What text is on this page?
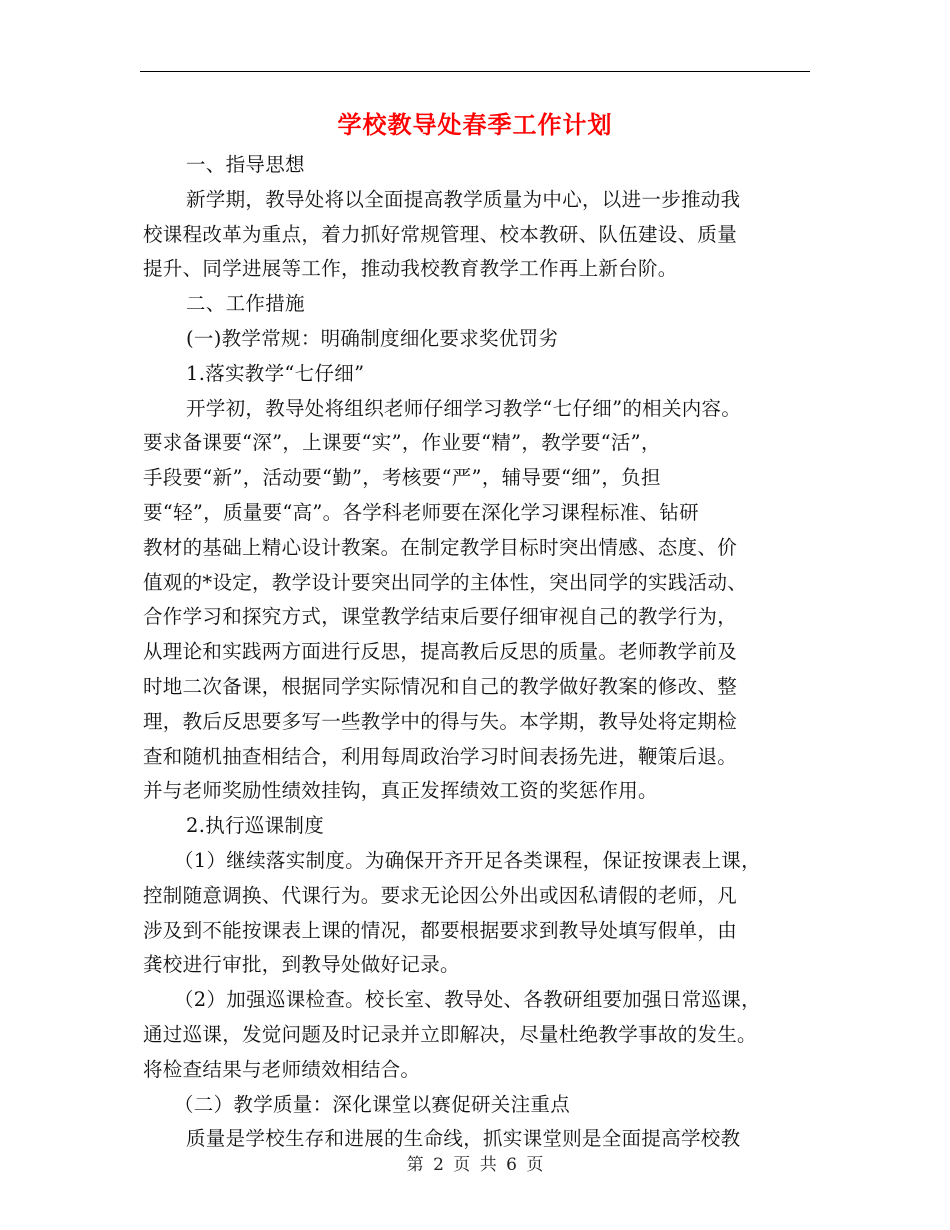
学校教导处春季工作计划

一、指导思想

新学期，教导处将以全面提高教学质量为中心，以进一步推动我

校课程改革为重点，着力抓好常规管理、校本教研、队伍建设、质量

提升、同学进展等工作，推动我校教育教学工作再上新台阶。

二、工作措施

(一)教学常规：明确制度细化要求奖优罚劣

1.落实教学“七仔细”

开学初，教导处将组织老师仔细学习教学“七仔细”的相关内容。

要求备课要“深”，上课要“实”，作业要“精”，教学要“活”，

手段要“新”，活动要“勤”，考核要“严”，辅导要“细”，负担

要“轻”，质量要“高”。各学科老师要在深化学习课程标准、钻研

教材的基础上精心设计教案。在制定教学目标时突出情感、态度、价

值观的*设定，教学设计要突出同学的主体性，突出同学的实践活动、

合作学习和探究方式，课堂教学结束后要仔细审视自己的教学行为，

从理论和实践两方面进行反思，提高教后反思的质量。老师教学前及

时地二次备课，根据同学实际情况和自己的教学做好教案的修改、整

理，教后反思要多写一些教学中的得与失。本学期，教导处将定期检

查和随机抽查相结合，利用每周政治学习时间表扬先进，鞭策后退。

并与老师奖励性绩效挂钩，真正发挥绩效工资的奖惩作用。

2.执行巡课制度

（1）继续落实制度。为确保开齐开足各类课程，保证按课表上课，

控制随意调换、代课行为。要求无论因公外出或因私请假的老师，凡

涉及到不能按课表上课的情况，都要根据要求到教导处填写假单，由

龚校进行审批，到教导处做好记录。

（2）加强巡课检查。校长室、教导处、各教研组要加强日常巡课，

通过巡课，发觉问题及时记录并立即解决，尽量杜绝教学事故的发生。

将检查结果与老师绩效相结合。

（二）教学质量：深化课堂以赛促研关注重点

质量是学校生存和进展的生命线，抓实课堂则是全面提高学校教

第 2 页 共 6 页
